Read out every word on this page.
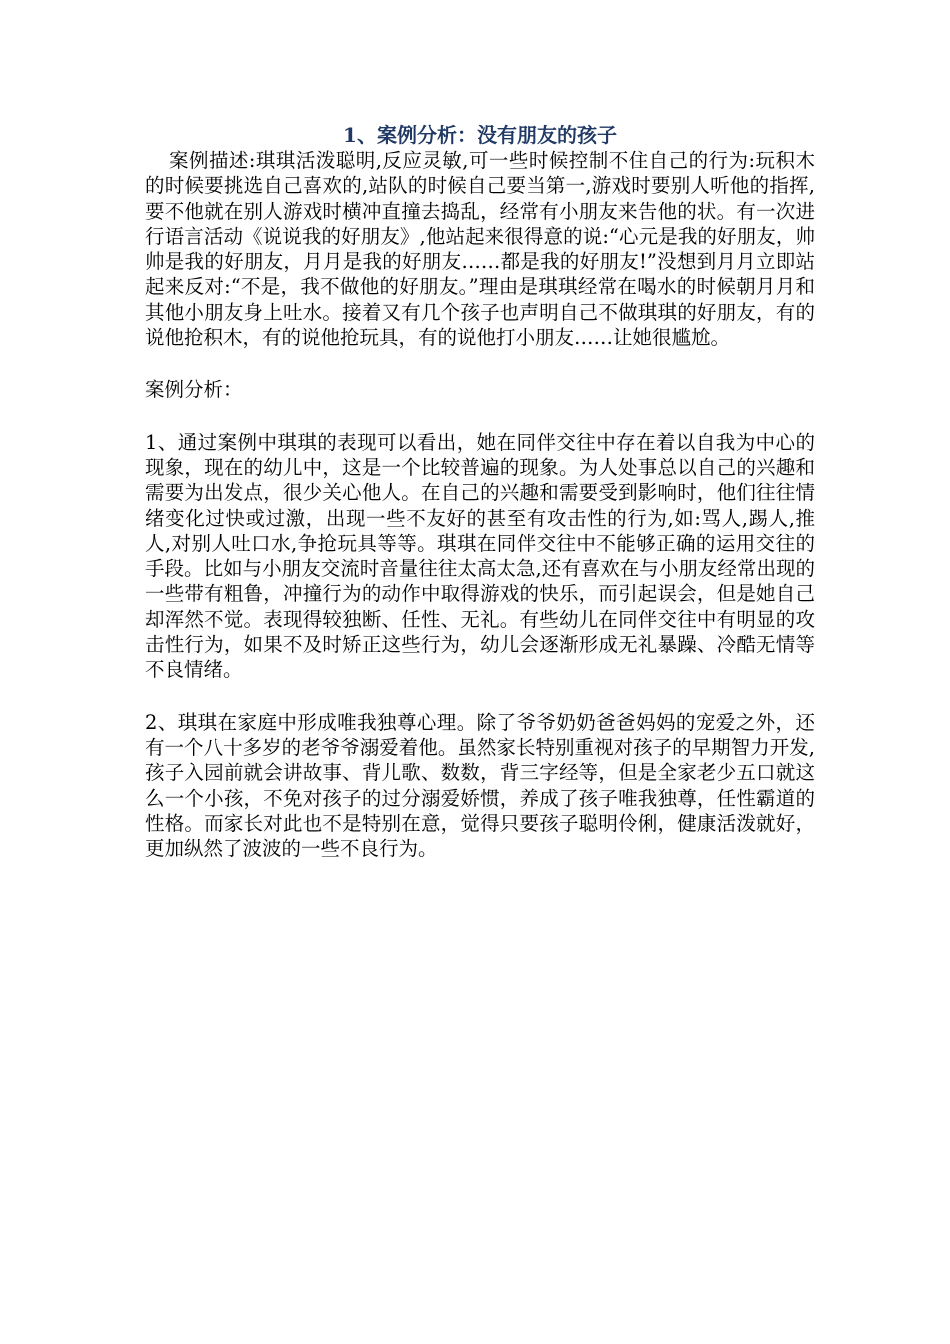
1、案例分析：没有朋友的孩子

案例描述:琪琪活泼聪明,反应灵敏,可一些时候控制不住自己的行为:玩积木的时候要挑选自己喜欢的,站队的时候自己要当第一,游戏时要别人听他的指挥,要不他就在别人游戏时横冲直撞去捣乱，经常有小朋友来告他的状。有一次进行语言活动《说说我的好朋友》,他站起来很得意的说:“心元是我的好朋友，帅帅是我的好朋友，月月是我的好朋友……都是我的好朋友!”没想到月月立即站起来反对:“不是，我不做他的好朋友。”理由是琪琪经常在喝水的时候朝月月和其他小朋友身上吐水。接着又有几个孩子也声明自己不做琪琪的好朋友，有的说他抢积木，有的说他抢玩具，有的说他打小朋友……让她很尴尬。

案例分析：

1、通过案例中琪琪的表现可以看出，她在同伴交往中存在着以自我为中心的现象，现在的幼儿中，这是一个比较普遍的现象。为人处事总以自己的兴趣和需要为出发点，很少关心他人。在自己的兴趣和需要受到影响时，他们往往情绪变化过快或过激，出现一些不友好的甚至有攻击性的行为,如:骂人,踢人,推人,对别人吐口水,争抢玩具等等。琪琪在同伴交往中不能够正确的运用交往的手段。比如与小朋友交流时音量往往太高太急,还有喜欢在与小朋友经常出现的一些带有粗鲁，冲撞行为的动作中取得游戏的快乐，而引起误会，但是她自己却浑然不觉。表现得较独断、任性、无礼。有些幼儿在同伴交往中有明显的攻击性行为，如果不及时矫正这些行为，幼儿会逐渐形成无礼暴躁、冷酷无情等不良情绪。

2、琪琪在家庭中形成唯我独尊心理。除了爷爷奶奶爸爸妈妈的宠爱之外，还有一个八十多岁的老爷爷溺爱着他。虽然家长特别重视对孩子的早期智力开发,孩子入园前就会讲故事、背儿歌、数数，背三字经等，但是全家老少五口就这么一个小孩，不免对孩子的过分溺爱娇惯，养成了孩子唯我独尊，任性霸道的性格。而家长对此也不是特别在意，觉得只要孩子聪明伶俐，健康活泼就好，更加纵然了波波的一些不良行为。
